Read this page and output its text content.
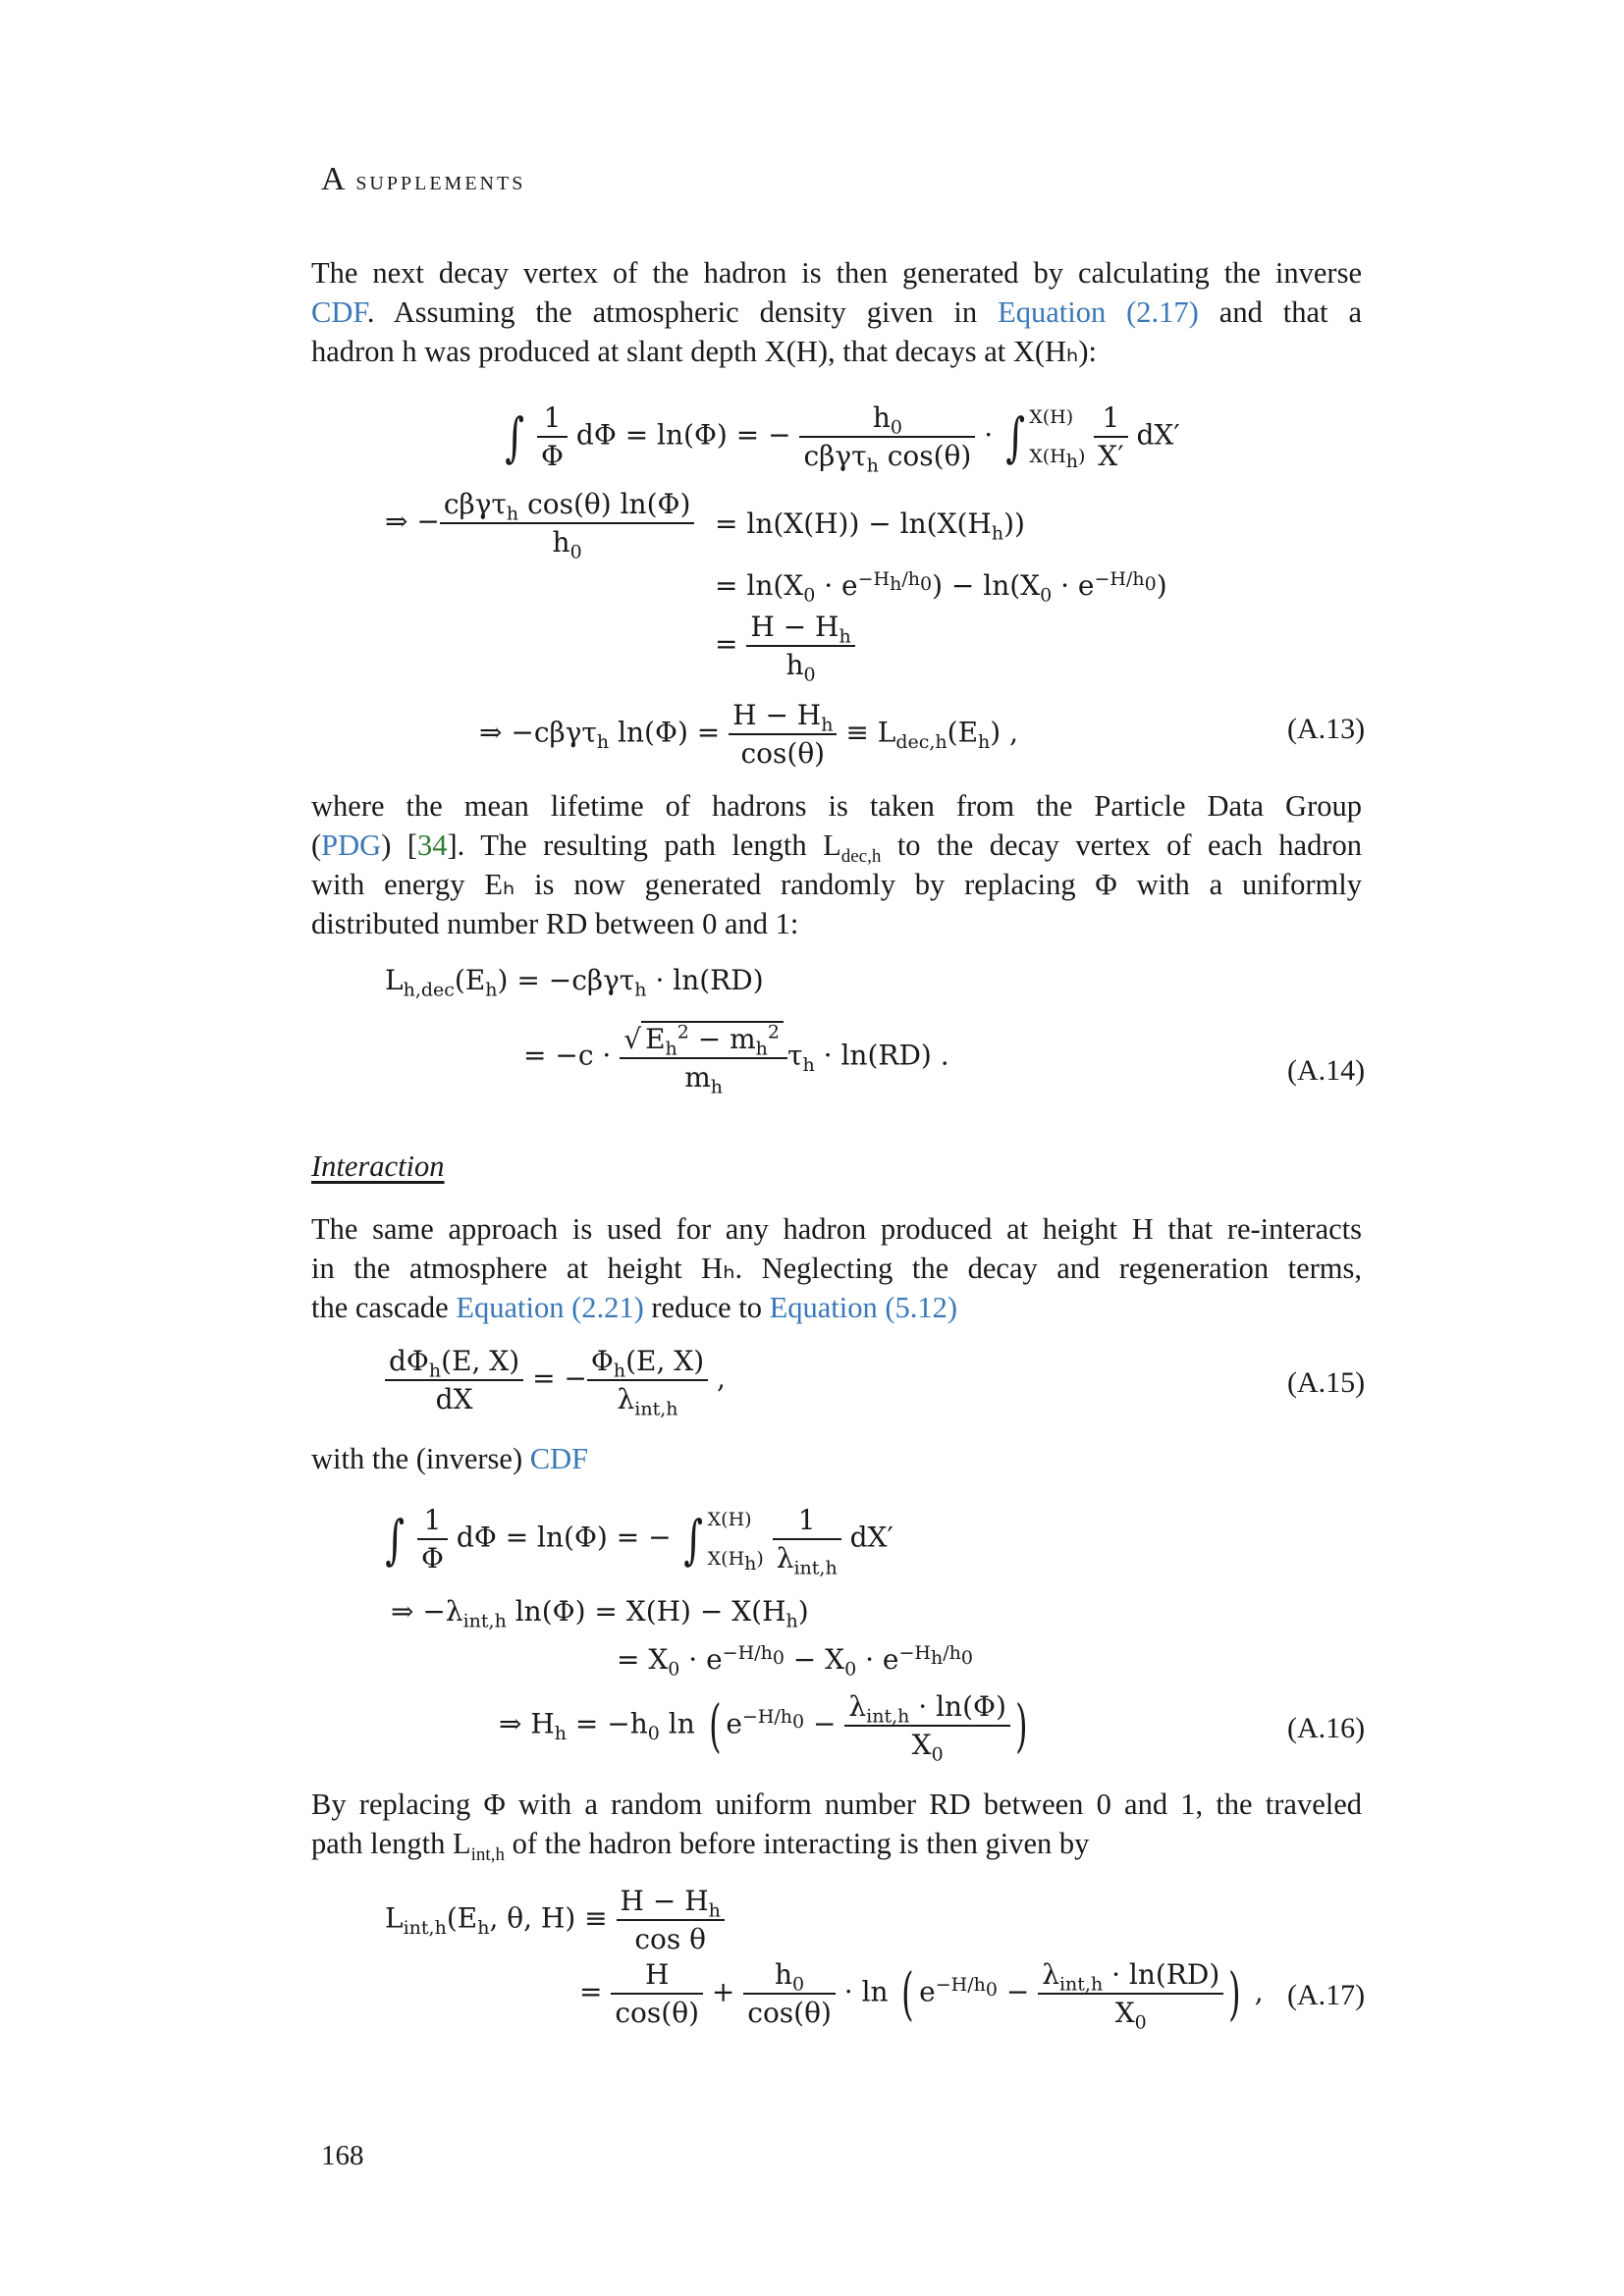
A supplements
The next decay vertex of the hadron is then generated by calculating the inverse
CDF. Assuming the atmospheric density given in Equation (2.17) and that a
hadron h was produced at slant depth X(H), that decays at X(Hₕ):
∫ $\frac{1}{\Phi}$ dΦ = ln(Φ) = − $\frac{h_0}{c\beta\gamma\tau_h \cos(\theta)}$ · ∫ X(H)
$X(H_h)$
$\frac{1}{X'} dX'$
⇒ − $\frac{c\beta\gamma\tau_h \cos(\theta) \ln(\Phi)}{h_0} = \ln(X(H)) - \ln(X(H_h))$
= $\ln(X_0 \cdot e^{-H_h/h_0}) - \ln(X_0 \cdot e^{-H/h_0})$
= $\frac{H - H_h}{h_0}$
⇒ −cβγτ$_h$ $\ln(\Phi) = \frac{H - H_h}{\cos(\theta)} \equiv L_{dec,h}(E_h)$ ,	(A.13)
where the mean lifetime of hadrons is taken from the Particle Data Group
(PDG) [34]. The resulting path length $L_{dec,h}$ to the decay vertex of each hadron
with energy Eₕ is now generated randomly by replacing Φ with a uniformly
distributed number RD between 0 and 1:
$L_{h,dec}(E_h) = -c\beta\gamma\tau_h \cdot \ln(RD)$
= $-c \cdot \frac{√ E_h^2 - m_h^2}{m_h} \tau_h \cdot \ln(RD)$ .	(A.14)
Interaction
The same approach is used for any hadron produced at height H that re-interacts
in the atmosphere at height Hₕ. Neglecting the decay and regeneration terms,
the cascade Equation (2.21) reduce to Equation (5.12)
$\frac{d\Phi_h(E, X)}{dX}$ = − $\frac{\Phi_h(E, X)}{\lambda_{int,h}}$ ,	(A.15)
with the (inverse) CDF
∫ $\frac{1}{\Phi}$ dΦ = ln(Φ) = − ∫ X(H)
$X(H_h)$
$\frac{1}{\lambda_{int,h}} dX'$
⇒ $-\lambda_{int,h}$ $\ln(\Phi) = X(H) - X(H_h)$
= $X_0 \cdot e^{-H/h_0} - X_0 \cdot e^{-H_h/h_0}$
⇒ $H_h = -h_0$ ln ( $e^{-H/h_0} - \frac{\lambda_{int,h} \cdot \ln(\Phi)}{X_0}$ )	(A.16)
By replacing Φ with a random uniform number RD between 0 and 1, the traveled
path length $L_{int,h}$ of the hadron before interacting is then given by
$L_{int,h}(E_h$, θ, $H) \equiv \frac{H - H_h}{\text{cos θ}}$
= $\frac{H}{\cos(\theta)} + \frac{h_0}{\cos(\theta)} \cdot \ln$ ( $e^{-H/h_0} - \frac{\lambda_{int,h} \cdot \ln(RD)}{X_0}$ ) , (A.17)
168
